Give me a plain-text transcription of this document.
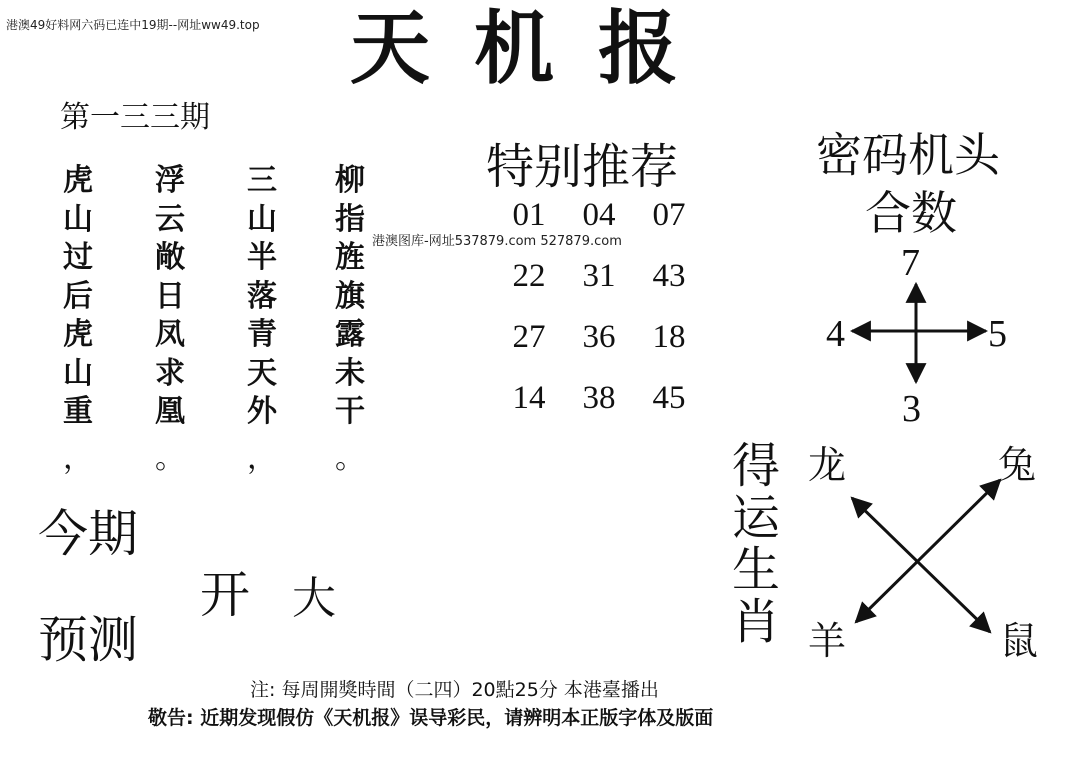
港澳49好料网六码已连中19期--网址ww49.top 天机报
第一三三期
虎
山
过
后
虎
山
重
，
浮
云
敞
日
凤
求
凰
。
三
山
半
落
青
天
外
，
柳
指
旌
旗
露
未
干
。
特别推荐
01	04	07
22	31	43
27	36	18
14	38	45
港澳图库-网址537879.com 527879.com
密码机头
合数
7
4	5
3
今期
预测
开 大
得
运
生
肖
龙	兔
羊	鼠
注: 每周開獎時間（二四）20點25分 本港臺播出
敬告: 近期发现假仿《天机报》误导彩民，请辨明本正版字体及版面
